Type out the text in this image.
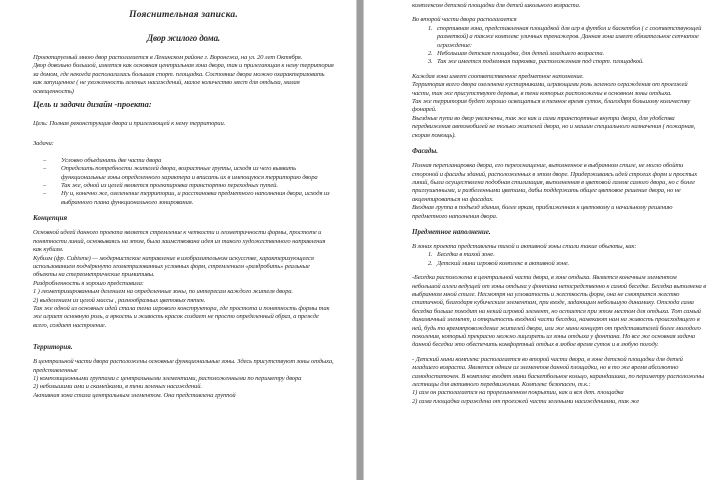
Пояснительная записка.

Двор жилого дома.

Проектируемый мною двор располагается в Ленинском районе г. Воронежа, на ул. 20 лет Октября.

Двор довольно большой, имеется как основная центральная зона двора, так и прилегающая к нему территория за домом, где некогда располагалась большая спорт. площадка. Состояние двора можно охарактеризовать как запущенное ( не ухоженность зеленых насаждений, малое количество мест для отдыха, малая освещенность)

Цель и задачи дизайн -проекта:

Цель: Полная реконструкция двора и прилегающей к нему территории.

Задачи:

– Условно объединить две части двора
– Определить потребности жителей двора, возрастные группы, исходя из чего выявить функциональные зоны определенного характера и вписать их в имеющуюся территорию двора
– Так же, одной из целей является проектировка транспортно переходных путей.
– Ну и, конечно же, озеленение территории, и расстановка предметного наполнения двора, исходя из выбранного плана функционального зонирования.
Концепция

Основной идеей данного проекта является стремление к четкости и геометричности формы, простоте и понятности линий, основываясь на этом, была заимствована идея из такого художественного направления как кубизм.

Кубизм (фр. Cubisme) — модернистское направление в изобразительном искусстве, характеризующееся использованием подчёркнуто геометризованных условных форм, стремлением «раздробить» реальные объекты на стереометрические примитивы.

Раздробленность я хорошо представила:

1 ) геометризированным делением на определенные зоны, по интересам каждого жителя двора.

2) выделением из целой массы , разнообразных цветовых пятен.

Так же одной из основных идей стала тема игрового конструктора, где простота и понятность формы так же играет основную роль, а яркость и живость красок создает не просто определенный образ, а прежде всего, создает настроение.

Территория.

В центральной части двора расположены основные функциональные зоны. Здесь присутствуют зоны отдыха, представленные

1) композиционными группами с центральными элементами, расположенными по периметру двора

2) небольшими ами и скамейками, в тени зеленых насаждений.

Активная зона стала центральным элементом. Она представлена группой

комплексом детской площадки для детей школьного возраста.

Во второй части двора располагается

1. спортивная зона, представленная площадкой для игр в футбол и баскетбол ( с соответствующей разметкой) а также комплекс уличных тренажеров. Данная зона имеет обязательное сетчатое ограждение:
2. Небольшая детская площадка, для детей младшего возраста.
3. Так же имеется подземная парковка, расположенная под спорт. площадкой.

Каждая зона имеет соответственное предметное наполнение.

Территория всего двора озеленена кустарниками, играющими роль зеленого ограждения от проезжей части, так же присутствуют деревья, в тени которых расположены в основном зоны отдыха.

Так же территория будет хорошо освещаться в темное время суток, благодаря большому количеству фонарей.

Въездные пути во двор увеличены, так же как и сами транспортные внутри двора, для удобства передвижения автомобилей не только жителей двора, но и машин специального назначения ( пожарная, скорая помощь).

Фасады.

Полная перепланировка двора, его переоснащение, выполненное в выбранном стиле, не могло обойти стороной и фасады зданий, расположенных в этом дворе. Придерживаясь идей строгих форм и простых линий, была осуществлена подобная стилизация, выполненная в цветовой гамме самого двора, но с более приглушенными, и разбеленными цветами, дабы поддержать общее цветовое решение двора, но не акцентироваться на фасадах.

Входная группа в подъезд здания, более яркая, приближенная к цветовому и начальному решению предметного наполнения двора.

Предметное наполнение.

В зонах проекта представлены тихой и активной зоны стали такие объекты, как:

1. Беседка в тихой зоне.
2. Детский мини игровой комплекс в активной зоне.

-Беседка расположена в центральной части двора, в зоне отдыха. Является конечным элементом небольшой аллеи ведущей от зоны отдыха у фонтана непосредственно к самой беседке. Беседка выполнена в выбранном мной стиле. Несмотря на угловатость и жесткость форм, она не смотрится жестко статичной, благодаря кубическим элементам, при входе, задающим небольшую динамику. Отсюда сама беседка больше походит на некий игровой элемент, но остается при этом местом для отдыха. Тот самый динамичный элемент, и открытость входной части беседки, намекают нам на живость происходящего в ней, будь то времяпровождение жителей двора, или же мини концерт от представителей более молодого поколения, который прекрасно можно лицезреть из зоны отдыха у фонтана. Но все же основная задача данной беседки это обеспечить комфортный отдых в любое время суток и в любую погоду.

- Детский мини комплекс располагается во второй части двора, в зоне детской площадки для детей младшего возраста. Является одним из элементов данной площадки, но в то же время абсолютно самодостаточен. В комплекс входят мини баскетбольное кольцо, карандашики, по периметру расположены лестницы для активного передвижения. Комплекс безопасен, т.к.:

1) сам он располагается на прорезиненном покрытии, как и вся дет. площадка

2) сама площадка ограждена от проезжей части зелеными насаждениями, так же
